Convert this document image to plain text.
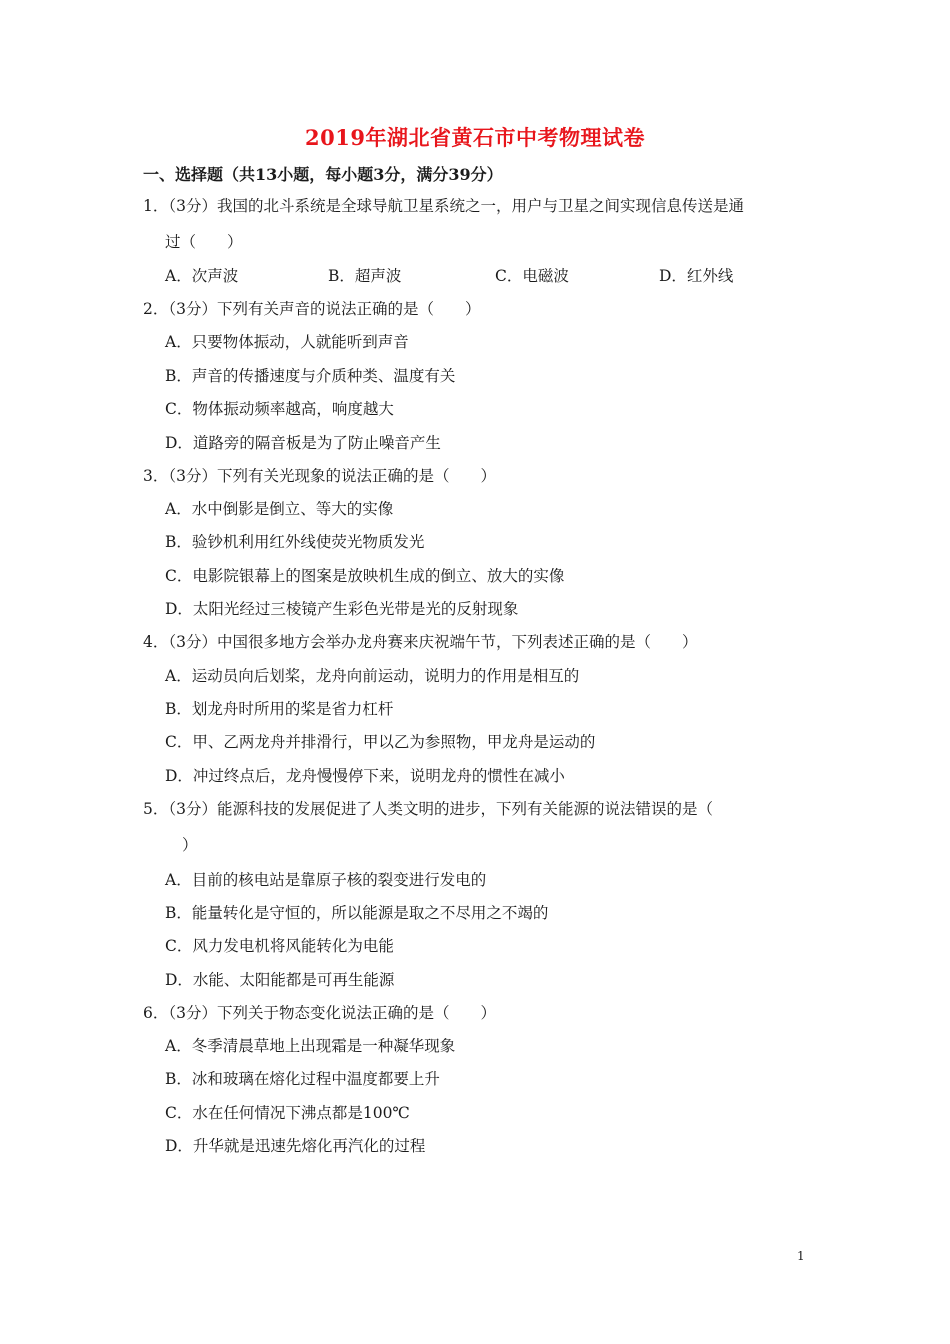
2019年湖北省黄石市中考物理试卷
一、选择题（共13小题，每小题3分，满分39分）
1．（3分）我国的北斗系统是全球导航卫星系统之一，用户与卫星之间实现信息传送是通
过（　　）
A．次声波	B．超声波	C．电磁波	D．红外线
2．（3分）下列有关声音的说法正确的是（　　）
A．只要物体振动，人就能听到声音
B．声音的传播速度与介质种类、温度有关
C．物体振动频率越高，响度越大
D．道路旁的隔音板是为了防止噪音产生
3．（3分）下列有关光现象的说法正确的是（　　）
A．水中倒影是倒立、等大的实像
B．验钞机利用红外线使荧光物质发光
C．电影院银幕上的图案是放映机生成的倒立、放大的实像
D．太阳光经过三棱镜产生彩色光带是光的反射现象
4．（3分）中国很多地方会举办龙舟赛来庆祝端午节，下列表述正确的是（　　）
A．运动员向后划桨，龙舟向前运动，说明力的作用是相互的
B．划龙舟时所用的桨是省力杠杆
C．甲、乙两龙舟并排滑行，甲以乙为参照物，甲龙舟是运动的
D．冲过终点后，龙舟慢慢停下来，说明龙舟的惯性在减小
5．（3分）能源科技的发展促进了人类文明的进步，下列有关能源的说法错误的是（
）
A．目前的核电站是靠原子核的裂变进行发电的
B．能量转化是守恒的，所以能源是取之不尽用之不竭的
C．风力发电机将风能转化为电能
D．水能、太阳能都是可再生能源
6．（3分）下列关于物态变化说法正确的是（　　）
A．冬季清晨草地上出现霜是一种凝华现象
B．冰和玻璃在熔化过程中温度都要上升
C．水在任何情况下沸点都是100℃
D．升华就是迅速先熔化再汽化的过程
1
